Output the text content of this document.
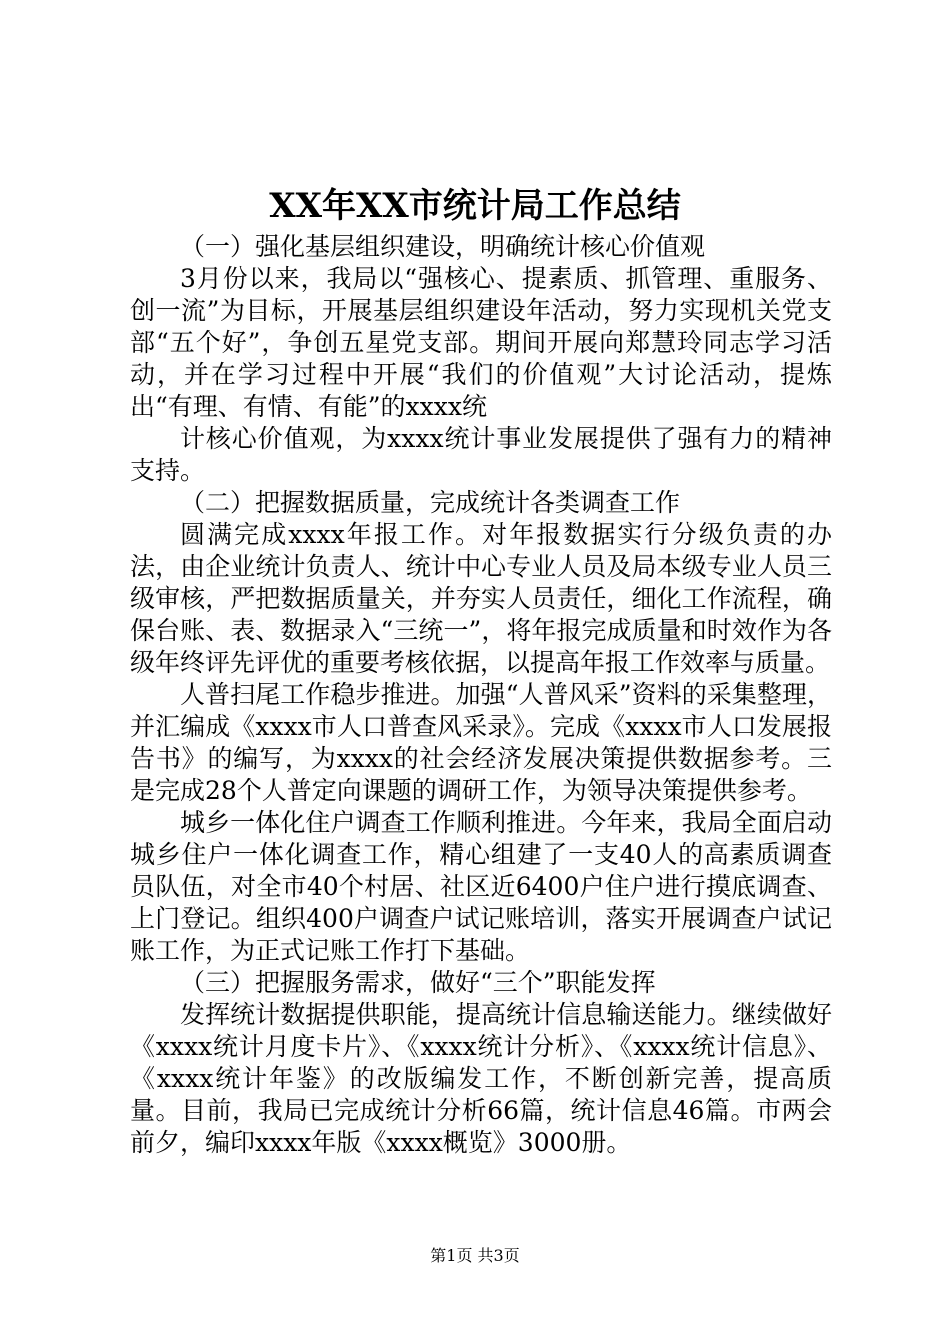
XX年XX市统计局工作总结

（一）强化基层组织建设，明确统计核心价值观

3月份以来，我局以“强核心、提素质、抓管理、重服务、创一流”为目标，开展基层组织建设年活动，努力实现机关党支部“五个好”，争创五星党支部。期间开展向郑慧玲同志学习活动，并在学习过程中开展“我们的价值观”大讨论活动，提炼出“有理、有情、有能”的xxxx统

计核心价值观，为xxxx统计事业发展提供了强有力的精神支持。

（二）把握数据质量，完成统计各类调查工作

圆满完成xxxx年报工作。对年报数据实行分级负责的办法，由企业统计负责人、统计中心专业人员及局本级专业人员三级审核，严把数据质量关，并夯实人员责任，细化工作流程，确保台账、表、数据录入“三统一”，将年报完成质量和时效作为各级年终评先评优的重要考核依据，以提高年报工作效率与质量。

人普扫尾工作稳步推进。加强“人普风采”资料的采集整理，并汇编成《xxxx市人口普查风采录》。完成《xxxx市人口发展报告书》的编写，为xxxx的社会经济发展决策提供数据参考。三是完成28个人普定向课题的调研工作，为领导决策提供参考。

城乡一体化住户调查工作顺利推进。今年来，我局全面启动城乡住户一体化调查工作，精心组建了一支40人的高素质调查员队伍，对全市40个村居、社区近6400户住户进行摸底调查、上门登记。组织400户调查户试记账培训，落实开展调查户试记账工作，为正式记账工作打下基础。

（三）把握服务需求，做好“三个”职能发挥

发挥统计数据提供职能，提高统计信息输送能力。继续做好《xxxx统计月度卡片》、《xxxx统计分析》、《xxxx统计信息》、《xxxx统计年鉴》的改版编发工作，不断创新完善，提高质量。目前，我局已完成统计分析66篇，统计信息46篇。市两会前夕，编印xxxx年版《xxxx概览》3000册。

第1页 共3页
